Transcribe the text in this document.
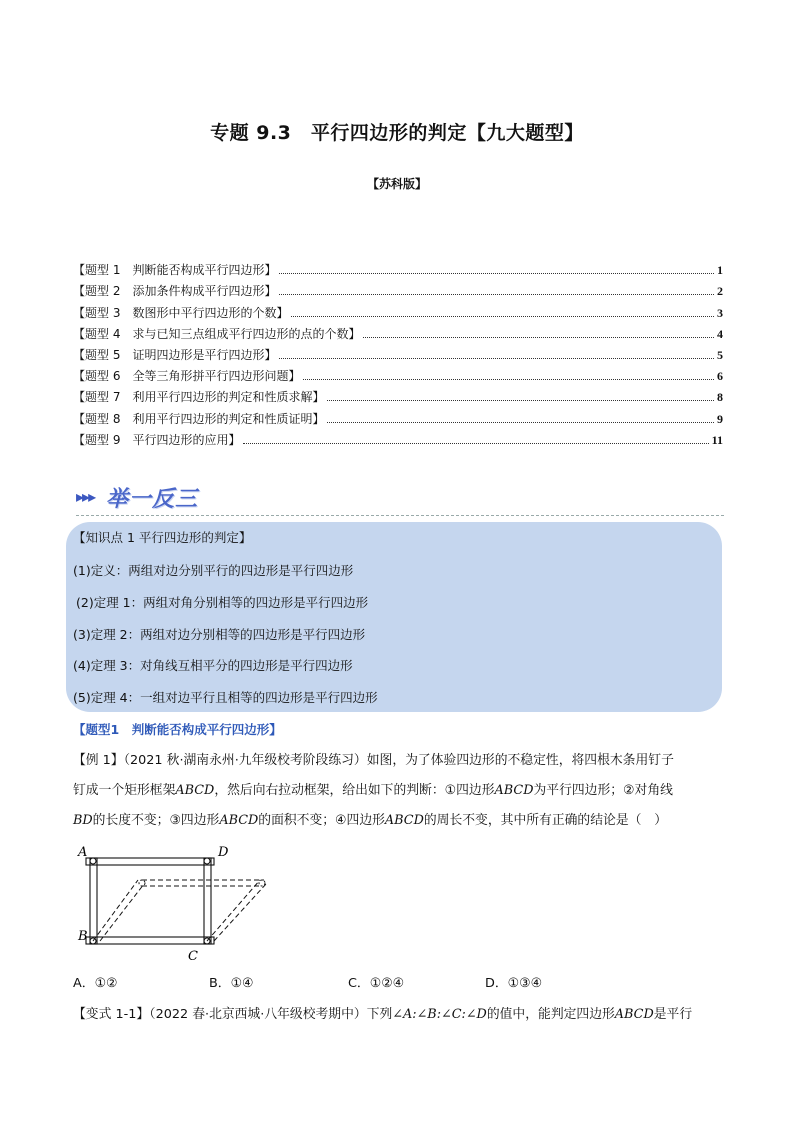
专题 9.3　平行四边形的判定【九大题型】
【苏科版】
【题型 1　判断能否构成平行四边形】	1
【题型 2　添加条件构成平行四边形】	2
【题型 3　数图形中平行四边形的个数】	3
【题型 4　求与已知三点组成平行四边形的点的个数】	4
【题型 5　证明四边形是平行四边形】	5
【题型 6　全等三角形拼平行四边形问题】	6
【题型 7　利用平行四边形的判定和性质求解】	8
【题型 8　利用平行四边形的判定和性质证明】	9
【题型 9　平行四边形的应用】	11
▸▸▸ 举一反三
【知识点 1 平行四边形的判定】
(1)定义：两组对边分别平行的四边形是平行四边形
(2)定理 1：两组对角分别相等的四边形是平行四边形
(3)定理 2：两组对边分别相等的四边形是平行四边形
(4)定理 3：对角线互相平分的四边形是平行四边形
(5)定理 4：一组对边平行且相等的四边形是平行四边形
【题型1　判断能否构成平行四边形】
【例 1】（2021 秋·湖南永州·九年级校考阶段练习）如图，为了体验四边形的不稳定性，将四根木条用钉子
钉成一个矩形框架ABCD，然后向右拉动框架，给出如下的判断：①四边形ABCD为平行四边形；②对角线
BD的长度不变；③四边形ABCD的面积不变；④四边形ABCD的周长不变，其中所有正确的结论是（　）
A	D
B
C
A．①②	B．①④	C．①②④	D．①③④
【变式 1-1】（2022 春·北京西城·八年级校考期中）下列∠A:∠B:∠C:∠D的值中，能判定四边形ABCD是平行
